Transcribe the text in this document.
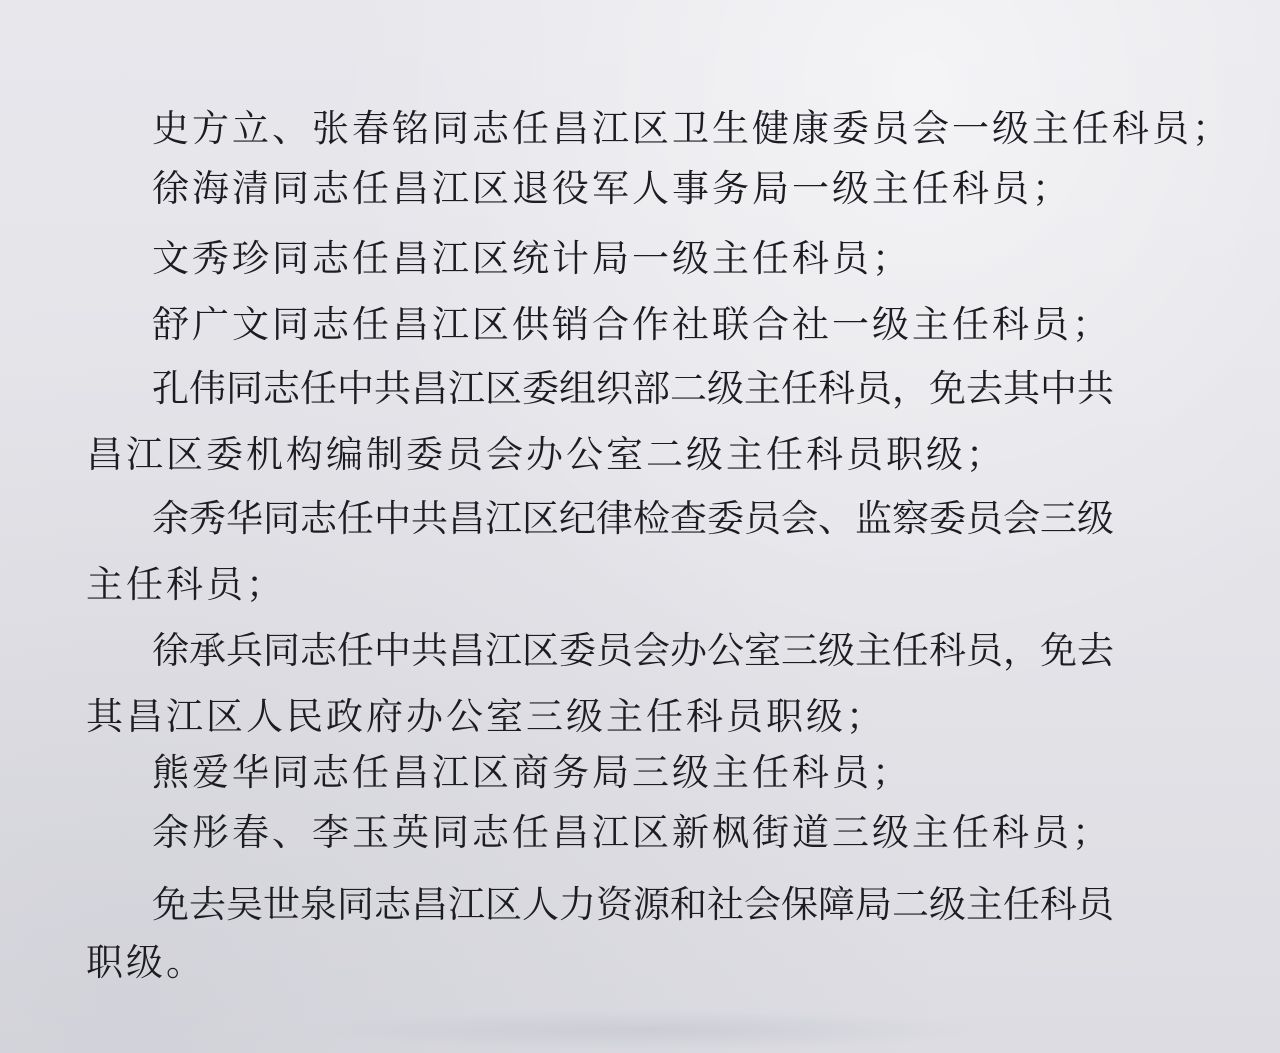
史方立、张春铭同志任昌江区卫生健康委员会一级主任科员；
徐海清同志任昌江区退役军人事务局一级主任科员；
文秀珍同志任昌江区统计局一级主任科员；
舒广文同志任昌江区供销合作社联合社一级主任科员；
孔伟同志任中共昌江区委组织部二级主任科员，免去其中共
昌江区委机构编制委员会办公室二级主任科员职级；
余秀华同志任中共昌江区纪律检查委员会、监察委员会三级
主任科员；
徐承兵同志任中共昌江区委员会办公室三级主任科员，免去
其昌江区人民政府办公室三级主任科员职级；
熊爱华同志任昌江区商务局三级主任科员；
余彤春、李玉英同志任昌江区新枫街道三级主任科员；
免去吴世泉同志昌江区人力资源和社会保障局二级主任科员
职级。
